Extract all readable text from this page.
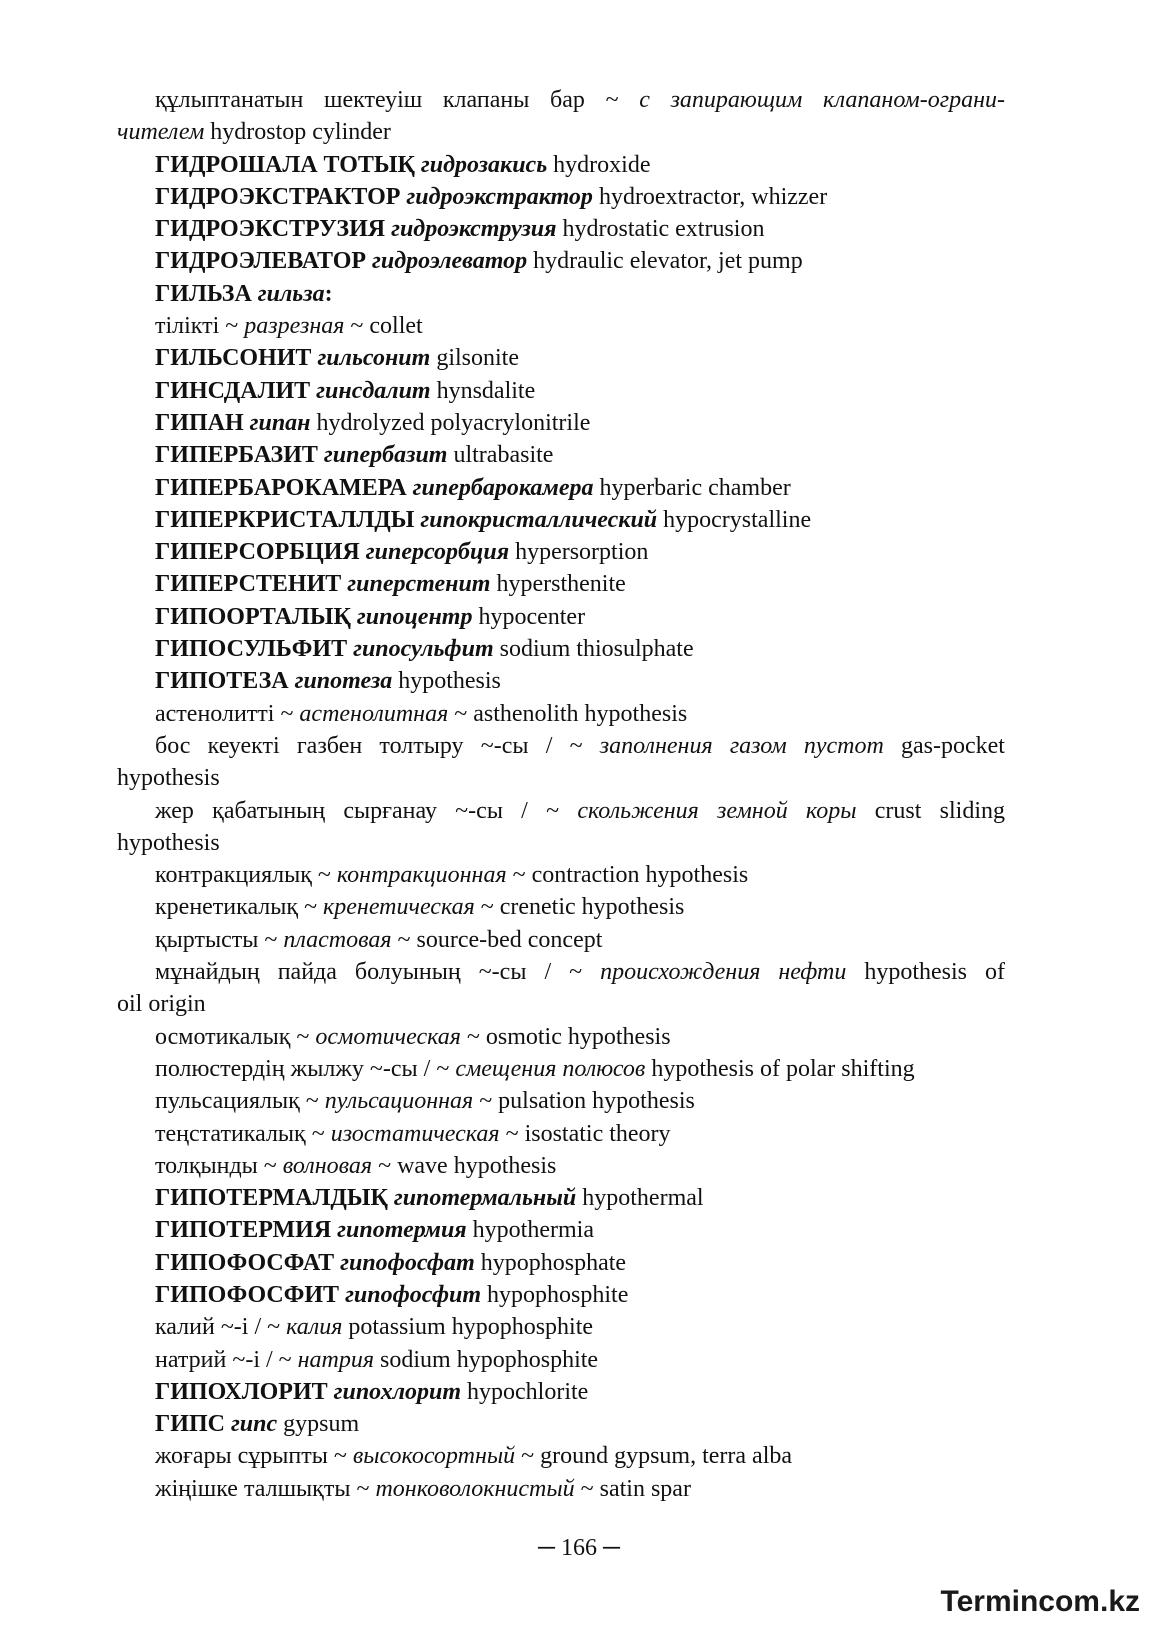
құлыптанатын шектеуіш клапаны бар ~ с запирающим клапаном-ограни-
чителем hydrostop cylinder
ГИДРОШАЛА ТОТЫҚ гидрозакись hydroxide
ГИДРОЭКСТРАКТОР гидроэкстрактор hydroextractor, whizzer
ГИДРОЭКСТРУЗИЯ гидроэкструзия hydrostatic extrusion
ГИДРОЭЛЕВАТОР гидроэлеватор hydraulic elevator, jet pump
ГИЛЬЗА гильза:
тілікті ~ разрезная ~ collet
ГИЛЬСОНИТ гильсонит gilsonite
ГИНСДАЛИТ гинсдалит hynsdalite
ГИПАН гипан hydrolyzed polyacrylonitrile
ГИПЕРБАЗИТ гипербазит ultrabasite
ГИПЕРБАРОКАМЕРА гипербарокамера hyperbaric chamber
ГИПЕРКРИСТАЛЛДЫ гипокристаллический hypocrystalline
ГИПЕРСОРБЦИЯ гиперсорбция hypersorption
ГИПЕРСТЕНИТ гиперстенит hypersthenite
ГИПООРТАЛЫҚ гипоцентр hypocenter
ГИПОСУЛЬФИТ гипосульфит sodium thiosulphate
ГИПОТЕЗА гипотеза hypothesis
астенолитті ~ астенолитная ~ asthenolith hypothesis
бос кеуекті газбен толтыру ~-сы / ~ заполнения газом пустот gas-pocket
hypothesis
жер қабатының сырғанау ~-сы / ~ скольжения земной коры crust sliding
hypothesis
контракциялық ~ контракционная ~ contraction hypothesis
кренетикалық ~ кренетическая ~ crenetic hypothesis
қыртысты ~ пластовая ~ source-bed concept
мұнайдың пайда болуының ~-сы / ~ происхождения нефти hypothesis of
oil origin
осмотикалық ~ осмотическая ~ osmotic hypothesis
полюстердің жылжу ~-сы / ~ смещения полюсов hypothesis of polar shifting
пульсациялық ~ пульсационная ~ pulsation hypothesis
теңстатикалық ~ изостатическая ~ isostatic theory
толқынды ~ волновая ~ wave hypothesis
ГИПОТЕРМАЛДЫҚ гипотермальный hypothermal
ГИПОТЕРМИЯ гипотермия hypothermia
ГИПОФОСФАТ гипофосфат hypophosphate
ГИПОФОСФИТ гипофосфит hypophosphite
калий ~-і / ~ калия potassium hypophosphite
натрий ~-і / ~ натрия sodium hypophosphite
ГИПОХЛОРИТ гипохлорит hypochlorite
ГИПС гипс gypsum
жоғары сұрыпты ~ высокосортный ~ ground gypsum, terra alba
жіңішке талшықты ~ тонковолокнистый ~ satin spar
─ 166 ─
Termincom.kz
